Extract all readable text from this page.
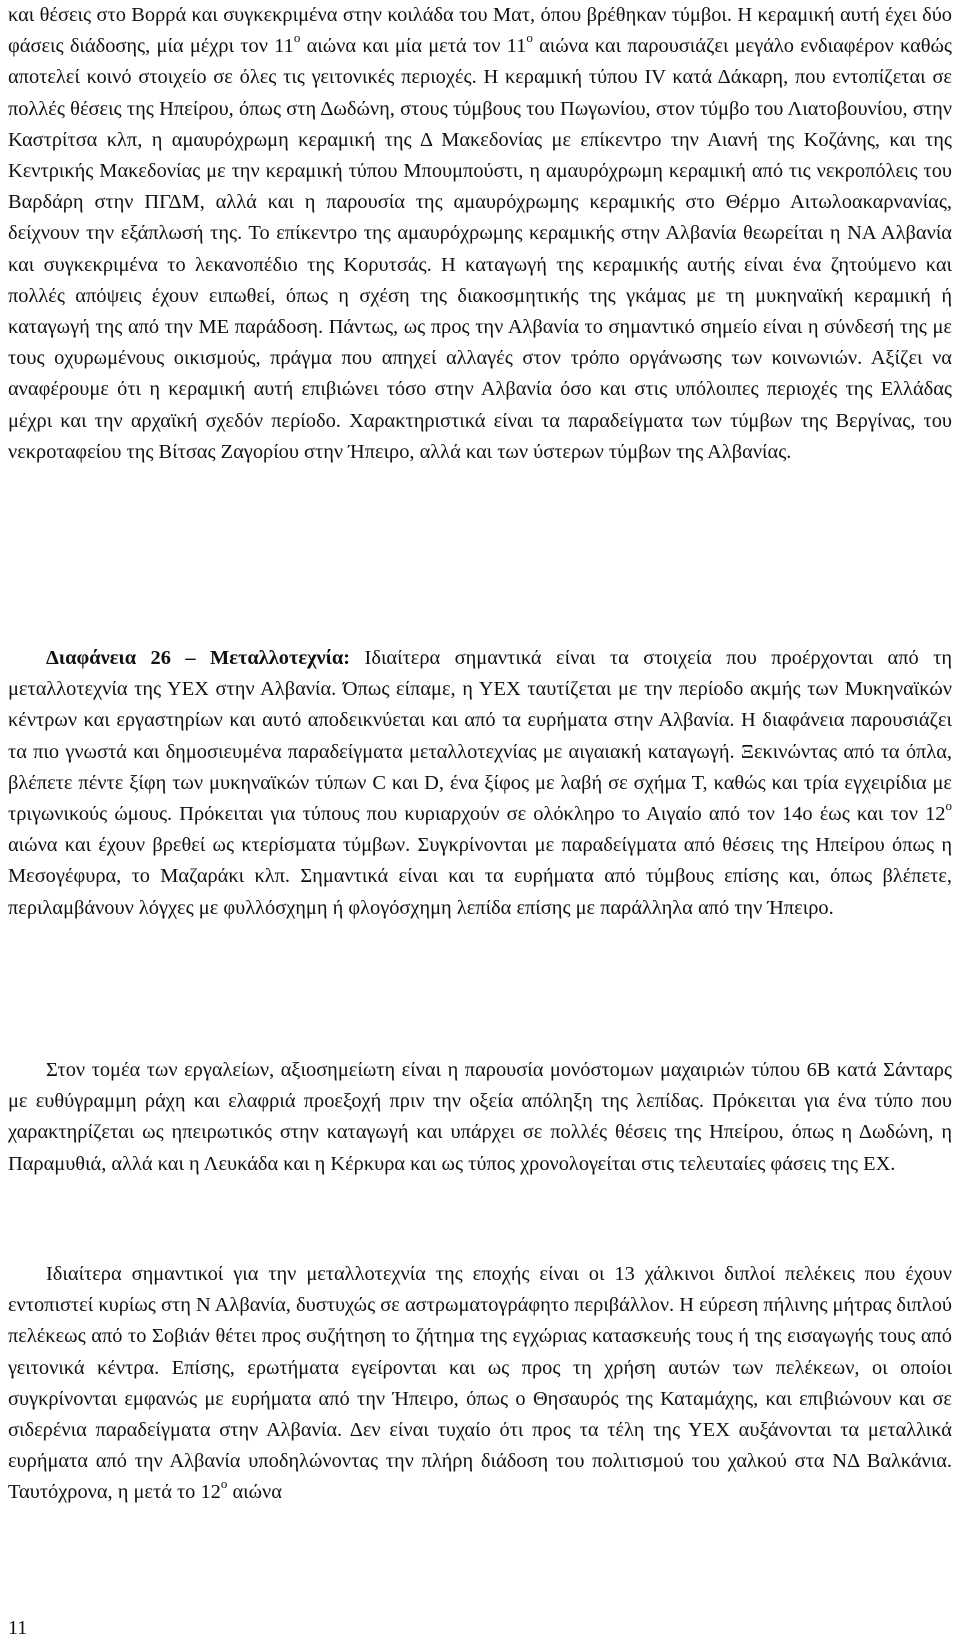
και θέσεις στο Βορρά και συγκεκριμένα στην κοιλάδα του Ματ, όπου βρέθηκαν τύμβοι. Η κεραμική αυτή έχει δύο φάσεις διάδοσης, μία μέχρι τον $11^o$ αιώνα και μία μετά τον $11^o$ αιώνα και παρουσιάζει μεγάλο ενδιαφέρον καθώς αποτελεί κοινό στοιχείο σε όλες τις γειτονικές περιοχές. Η κεραμική τύπου IV κατά Δάκαρη, που εντοπίζεται σε πολλές θέσεις της Ηπείρου, όπως στη Δωδώνη, στους τύμβους του Πωγωνίου, στον τύμβο του Λιατοβουνίου, στην Καστρίτσα κλπ, η αμαυρόχρωμη κεραμική της Δ Μακεδονίας με επίκεντρο την Αιανή της Κοζάνης, και της Κεντρικής Μακεδονίας με την κεραμική τύπου Μπουμπούστι, η αμαυρόχρωμη κεραμική από τις νεκροπόλεις του Βαρδάρη στην ΠΓΔΜ, αλλά και η παρουσία της αμαυρόχρωμης κεραμικής στο Θέρμο Αιτωλοακαρνανίας, δείχνουν την εξάπλωσή της. Το επίκεντρο της αμαυρόχρωμης κεραμικής στην Αλβανία θεωρείται η ΝΑ Αλβανία και συγκεκριμένα το λεκανοπέδιο της Κορυτσάς. Η καταγωγή της κεραμικής αυτής είναι ένα ζητούμενο και πολλές απόψεις έχουν ειπωθεί, όπως η σχέση της διακοσμητικής της γκάμας με τη μυκηναϊκή κεραμική ή καταγωγή της από την ΜΕ παράδοση. Πάντως, ως προς την Αλβανία το σημαντικό σημείο είναι η σύνδεσή της με τους οχυρωμένους οικισμούς, πράγμα που απηχεί αλλαγές στον τρόπο οργάνωσης των κοινωνιών. Αξίζει να αναφέρουμε ότι η κεραμική αυτή επιβιώνει τόσο στην Αλβανία όσο και στις υπόλοιπες περιοχές της Ελλάδας μέχρι και την αρχαϊκή σχεδόν περίοδο. Χαρακτηριστικά είναι τα παραδείγματα των τύμβων της Βεργίνας, του νεκροταφείου της Βίτσας Ζαγορίου στην Ήπειρο, αλλά και των ύστερων τύμβων της Αλβανίας.

Διαφάνεια 26 – Μεταλλοτεχνία: Ιδιαίτερα σημαντικά είναι τα στοιχεία που προέρχονται από τη μεταλλοτεχνία της ΥΕΧ στην Αλβανία. Όπως είπαμε, η ΥΕΧ ταυτίζεται με την περίοδο ακμής των Μυκηναϊκών κέντρων και εργαστηρίων και αυτό αποδεικνύεται και από τα ευρήματα στην Αλβανία. Η διαφάνεια παρουσιάζει τα πιο γνωστά και δημοσιευμένα παραδείγματα μεταλλοτεχνίας με αιγαιακή καταγωγή. Ξεκινώντας από τα όπλα, βλέπετε πέντε ξίφη των μυκηναϊκών τύπων C και D, ένα ξίφος με λαβή σε σχήμα Τ, καθώς και τρία εγχειρίδια με τριγωνικούς ώμους. Πρόκειται για τύπους που κυριαρχούν σε ολόκληρο το Αιγαίο από τον 14ο έως και τον $12^o$ αιώνα και έχουν βρεθεί ως κτερίσματα τύμβων. Συγκρίνονται με παραδείγματα από θέσεις της Ηπείρου όπως η Μεσογέφυρα, το Μαζαράκι κλπ. Σημαντικά είναι και τα ευρήματα από τύμβους επίσης και, όπως βλέπετε, περιλαμβάνουν λόγχες με φυλλόσχημη ή φλογόσχημη λεπίδα επίσης με παράλληλα από την Ήπειρο.

Στον τομέα των εργαλείων, αξιοσημείωτη είναι η παρουσία μονόστομων μαχαιριών τύπου 6Β κατά Σάνταρς με ευθύγραμμη ράχη και ελαφριά προεξοχή πριν την οξεία απόληξη της λεπίδας. Πρόκειται για ένα τύπο που χαρακτηρίζεται ως ηπειρωτικός στην καταγωγή και υπάρχει σε πολλές θέσεις της Ηπείρου, όπως η Δωδώνη, η Παραμυθιά, αλλά και η Λευκάδα και η Κέρκυρα και ως τύπος χρονολογείται στις τελευταίες φάσεις της ΕΧ.

Ιδιαίτερα σημαντικοί για την μεταλλοτεχνία της εποχής είναι οι 13 χάλκινοι διπλοί πελέκεις που έχουν εντοπιστεί κυρίως στη Ν Αλβανία, δυστυχώς σε αστρωματογράφητο περιβάλλον. Η εύρεση πήλινης μήτρας διπλού πελέκεως από το Σοβιάν θέτει προς συζήτηση το ζήτημα της εγχώριας κατασκευής τους ή της εισαγωγής τους από γειτονικά κέντρα. Επίσης, ερωτήματα εγείρονται και ως προς τη χρήση αυτών των πελέκεων, οι οποίοι συγκρίνονται εμφανώς με ευρήματα από την Ήπειρο, όπως ο Θησαυρός της Καταμάχης, και επιβιώνουν και σε σιδερένια παραδείγματα στην Αλβανία. Δεν είναι τυχαίο ότι προς τα τέλη της ΥΕΧ αυξάνονται τα μεταλλικά ευρήματα από την Αλβανία υποδηλώνοντας την πλήρη διάδοση του πολιτισμού του χαλκού στα ΝΔ Βαλκάνια. Ταυτόχρονα, η μετά το $12^o$ αιώνα

11
